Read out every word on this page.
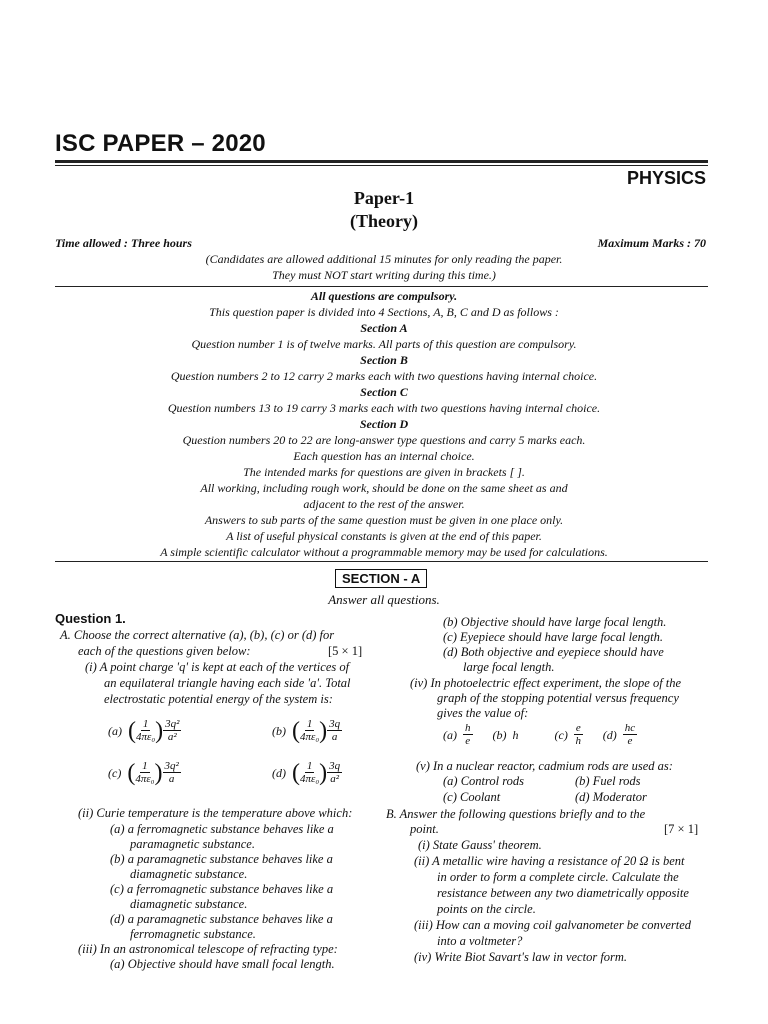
ISC PAPER – 2020
PHYSICS
Paper-1
(Theory)
Time allowed : Three hours	Maximum Marks : 70
(Candidates are allowed additional 15 minutes for only reading the paper.
They must NOT start writing during this time.)
All questions are compulsory.
This question paper is divided into 4 Sections, A, B, C and D as follows :
Section A
Question number 1 is of twelve marks. All parts of this question are compulsory.
Section B
Question numbers 2 to 12 carry 2 marks each with two questions having internal choice.
Section C
Question numbers 13 to 19 carry 3 marks each with two questions having internal choice.
Section D
Question numbers 20 to 22 are long-answer type questions and carry 5 marks each.
Each question has an internal choice.
The intended marks for questions are given in brackets [ ].
All working, including rough work, should be done on the same sheet as and
adjacent to the rest of the answer.
Answers to sub parts of the same question must be given in one place only.
A list of useful physical constants is given at the end of this paper.
A simple scientific calculator without a programmable memory may be used for calculations.
SECTION - A
Answer all questions.
Question 1.
A. Choose the correct alternative (a), (b), (c) or (d) for
each of the questions given below:	[5 × 1]
(i) A point charge 'q' is kept at each of the vertices of
an equilateral triangle having each side 'a'. Total
electrostatic potential energy of the system is:
(a) ( $\frac{1}{\text{4πε₀}}$ ) $\frac{\text{3q²}}{\text{a²}}$	(b) ( $\frac{1}{\text{4πε₀}}$ ) $\frac{3q}{a}$
(c) ( $\frac{1}{\text{4πε₀}}$ ) $\frac{\text{3q²}}{a}$	(d) ( $\frac{1}{\text{4πε₀}}$ ) $\frac{3q}{\text{a²}}$
(ii) Curie temperature is the temperature above which:
(a) a ferromagnetic substance behaves like a
paramagnetic substance.
(b) a paramagnetic substance behaves like a
diamagnetic substance.
(c) a ferromagnetic substance behaves like a
diamagnetic substance.
(d) a paramagnetic substance behaves like a
ferromagnetic substance.
(iii) In an astronomical telescope of refracting type:
(a) Objective should have small focal length.
(b) Objective should have large focal length.
(c) Eyepiece should have large focal length.
(d) Both objective and eyepiece should have
large focal length.
(iv) In photoelectric effect experiment, the slope of the
graph of the stopping potential versus frequency
gives the value of:
$(a) \frac{h}{e} (b)$ h	$(c) \frac{e}{h} (d) \frac{hc}{e}$
(v) In a nuclear reactor, cadmium rods are used as:
(a) Control rods	(b) Fuel rods
(c) Coolant	(d) Moderator
B. Answer the following questions briefly and to the
point.	[7 × 1]
(i) State Gauss' theorem.
(ii) A metallic wire having a resistance of 20 Ω is bent
in order to form a complete circle. Calculate the
resistance between any two diametrically opposite
points on the circle.
(iii) How can a moving coil galvanometer be converted
into a voltmeter?
(iv) Write Biot Savart's law in vector form.
